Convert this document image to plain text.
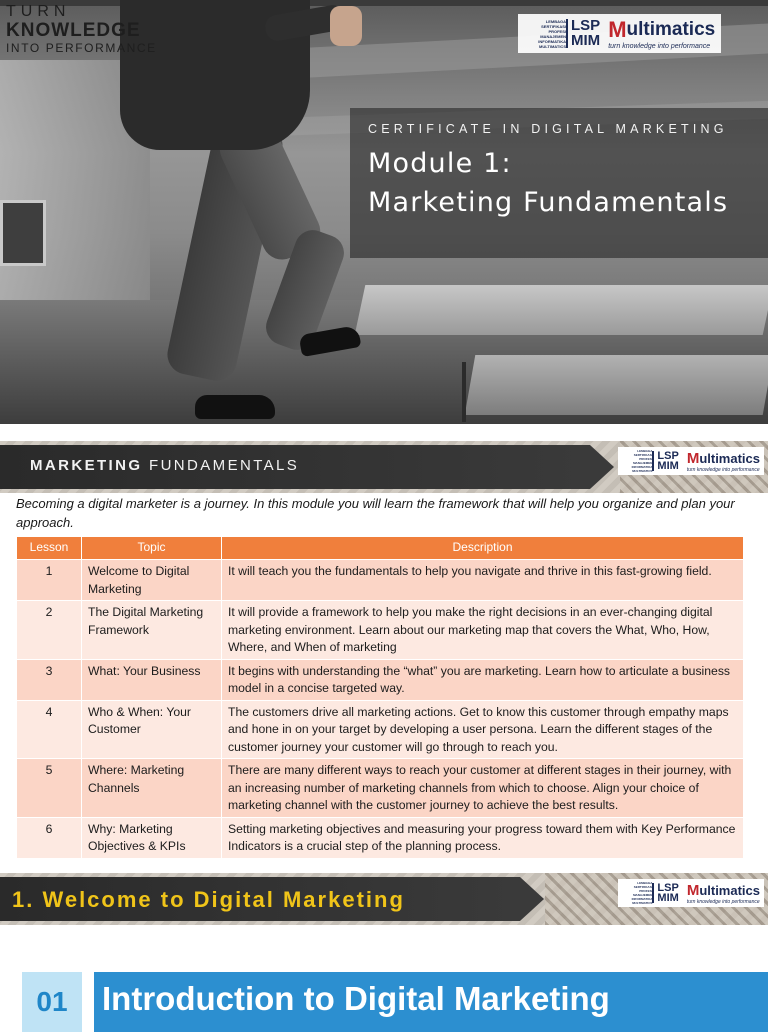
TURN
KNOWLEDGE
INTO PERFORMANCE
LEMBAGA
SERTIFIKASI
PROFESI
MANAJEMEN
INFORMATIKA
MULTIMATICS
LSP
MIM M ultimatics
turn knowledge into performance
CERTIFICATE IN DIGITAL MARKETING
Module 1:
Marketing Fundamentals
MARKETING FUNDAMENTALS
LEMBAGA
SERTIFIKASI
PROFESI
MANAJEMEN
INFORMATIKA
MULTIMATICS
LSP
MIM M ultimatics
turn knowledge into performance
Becoming a digital marketer is a journey. In this module you will learn the framework that will help you organize and plan your approach.
Lesson	Topic	Description
1	Welcome to Digital Marketing	It will teach you the fundamentals to help you navigate and thrive in this fast-growing field.
2	The Digital Marketing Framework	It will provide a framework to help you make the right decisions in an ever-changing digital marketing environment. Learn about our marketing map that covers the What, Who, How, Where, and When of marketing
3	What: Your Business	It begins with understanding the “what” you are marketing. Learn how to articulate a business model in a concise targeted way.
4	Who & When: Your Customer	The customers drive all marketing actions. Get to know this customer through empathy maps and hone in on your target by developing a user persona. Learn the different stages of the customer journey your customer will go through to reach you.
5	Where: Marketing Channels	There are many different ways to reach your customer at different stages in their journey, with an increasing number of marketing channels from which to choose. Align your choice of marketing channel with the customer journey to achieve the best results.
6	Why: Marketing Objectives & KPIs	Setting marketing objectives and measuring your progress toward them with Key Performance Indicators is a crucial step of the planning process.
1. Welcome to Digital Marketing
LEMBAGA
SERTIFIKASI
PROFESI
MANAJEMEN
INFORMATIKA
MULTIMATICS
LSP
MIM M ultimatics
turn knowledge into performance
01	Introduction to Digital Marketing
